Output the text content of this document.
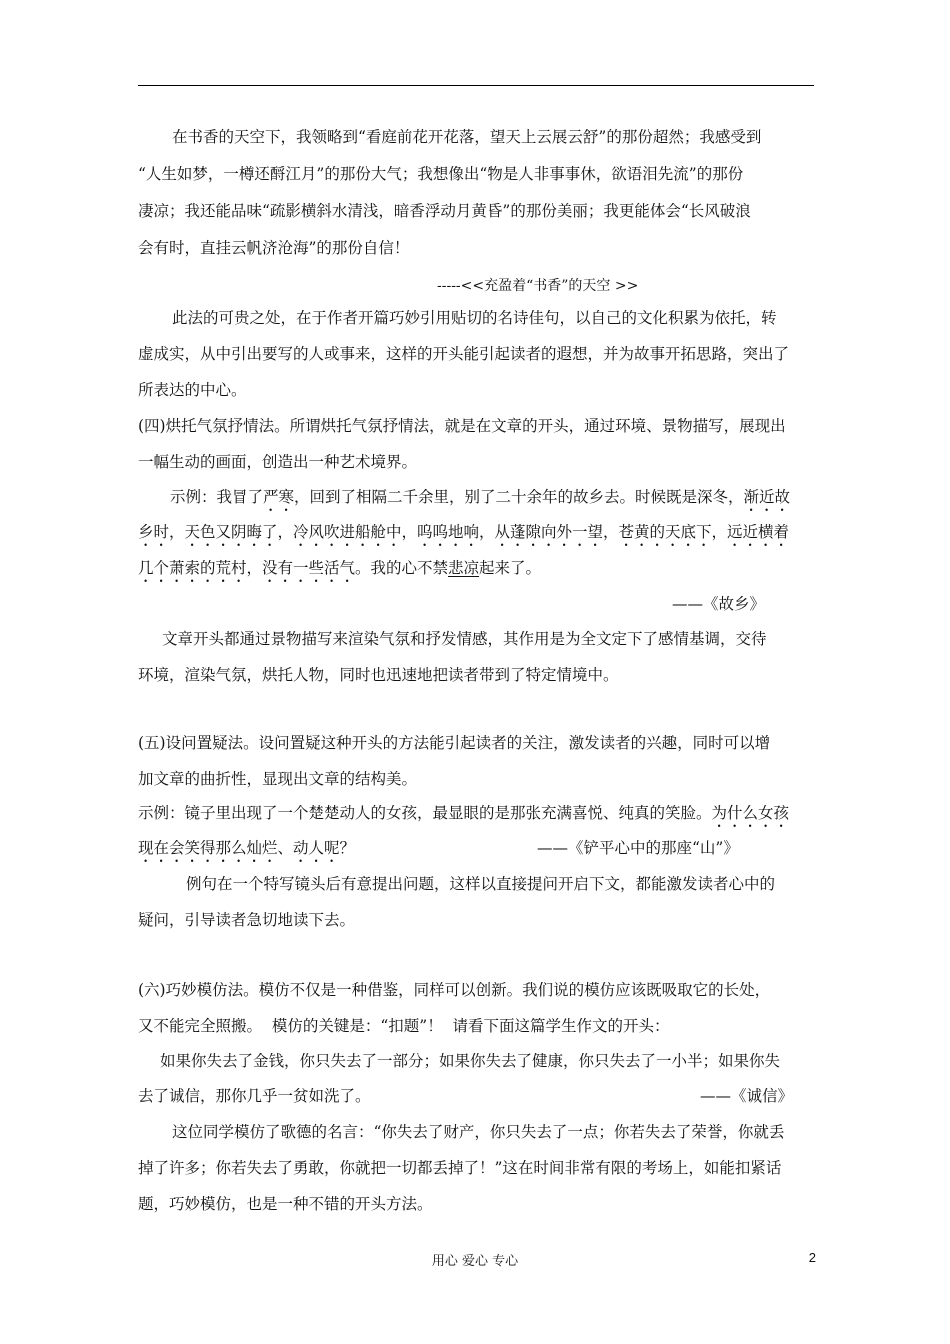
在书香的天空下，我领略到“看庭前花开花落，望天上云展云舒”的那份超然；我感受到
“人生如梦，一樽还酹江月”的那份大气；我想像出“物是人非事事休，欲语泪先流”的那份
凄凉；我还能品味“疏影横斜水清浅，暗香浮动月黄昏”的那份美丽；我更能体会“长风破浪
会有时，直挂云帆济沧海”的那份自信！
-----<<充盈着“书香”的天空 >>
此法的可贵之处，在于作者开篇巧妙引用贴切的名诗佳句，以自己的文化积累为依托，转
虚成实，从中引出要写的人或事来，这样的开头能引起读者的遐想，并为故事开拓思路，突出了
所表达的中心。
(四)烘托气氛抒情法。所谓烘托气氛抒情法，就是在文章的开头，通过环境、景物描写，展现出
一幅生动的画面，创造出一种艺术境界。
示例：我冒了严寒，回到了相隔二千余里，别了二十余年的故乡去。时候既是深冬，渐近故
乡时，天色又阴晦了，冷风吹进船舱中，呜呜地响，从蓬隙向外一望，苍黄的天底下，远近横着
几个萧索的荒村，没有一些活气。我的心不禁悲凉起来了。
——《故乡》
文章开头都通过景物描写来渲染气氛和抒发情感，其作用是为全文定下了感情基调，交待
环境，渲染气氛，烘托人物，同时也迅速地把读者带到了特定情境中。
(五)设问置疑法。设问置疑这种开头的方法能引起读者的关注，激发读者的兴趣，同时可以增
加文章的曲折性，显现出文章的结构美。
示例：镜子里出现了一个楚楚动人的女孩，最显眼的是那张充满喜悦、纯真的笑脸。为什么女孩
现在会笑得那么灿烂、动人呢？	——《铲平心中的那座“山”》
例句在一个特写镜头后有意提出问题，这样以直接提问开启下文，都能激发读者心中的
疑问，引导读者急切地读下去。
(六)巧妙模仿法。模仿不仅是一种借鉴，同样可以创新。我们说的模仿应该既吸取它的长处，
又不能完全照搬。  模仿的关键是：“扣题”！  请看下面这篇学生作文的开头：
如果你失去了金钱，你只失去了一部分；如果你失去了健康，你只失去了一小半；如果你失
去了诚信，那你几乎一贫如洗了。	——《诚信》
这位同学模仿了歌德的名言：“你失去了财产，你只失去了一点；你若失去了荣誉，你就丢
掉了许多；你若失去了勇敢，你就把一切都丢掉了！”这在时间非常有限的考场上，如能扣紧话
题，巧妙模仿，也是一种不错的开头方法。
用心 爱心 专心	2
